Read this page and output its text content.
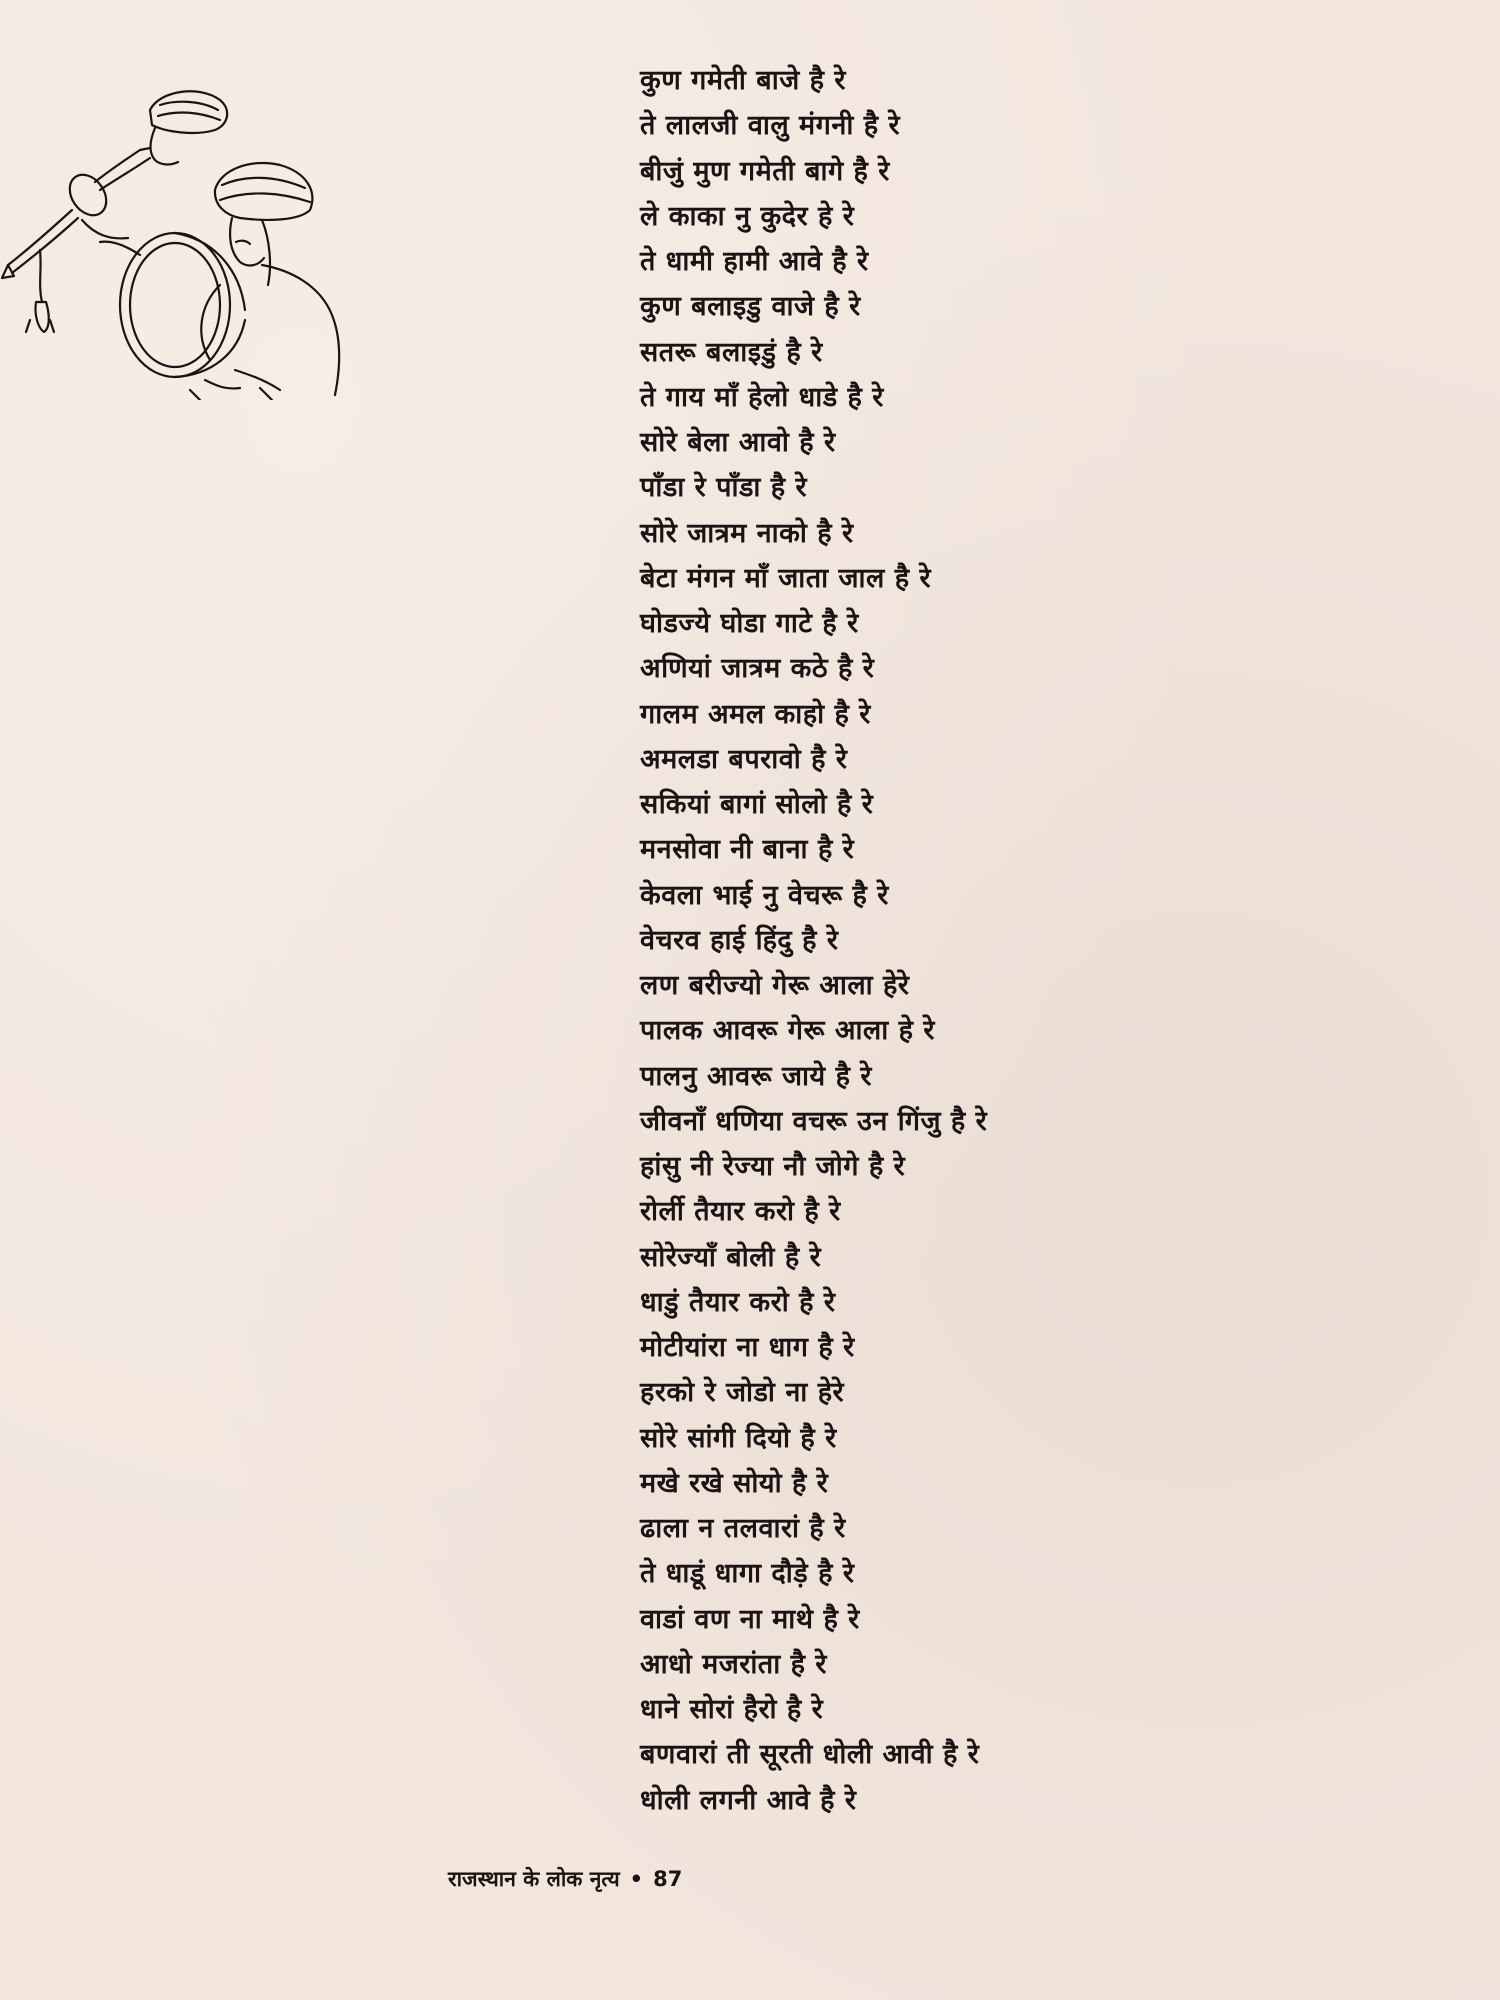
कुण गमेती बाजे है रे
ते लालजी वालु मंगनी है रे
बीजुं मुण गमेती बागे है रे
ले काका नु कुदेर हे रे
ते धामी हामी आवे है रे
कुण बलाइडु वाजे है रे
सतरू बलाइडुं है रे
ते गाय माँ हेलो धाडे है रे
सोरे बेला आवो है रे
पाँडा रे पाँडा है रे
सोरे जात्रम नाको है रे
बेटा मंगन माँ जाता जाल है रे
घोडज्ये घोडा गाटे है रे
अणियां जात्रम कठे है रे
गालम अमल काहो है रे
अमलडा बपरावो है रे
सकियां बागां सोलो है रे
मनसोवा नी बाना है रे
केवला भाई नु वेचरू है रे
वेचरव हाई हिंदु है रे
लण बरीज्यो गेरू आला हेरे
पालक आवरू गेरू आला हे रे
पालनु आवरू जाये है रे
जीवनाँ धणिया वचरू उन गिंजु है रे
हांसु नी रेज्या नौ जोगे है रे
रोर्ली तैयार करो है रे
सोरेज्याँ बोली है रे
धाडुं तैयार करो है रे
मोटीयांरा ना धाग है रे
हरको रे जोडो ना हेरे
सोरे सांगी दियो है रे
मखे रखे सोयो है रे
ढाला न तलवारां है रे
ते धाडूं धागा दौड़े है रे
वाडां वण ना माथे है रे
आधो मजरांता है रे
धाने सोरां हैरो है रे
बणवारां ती सूरती धोली आवी है रे
धोली लगनी आवे है रे
राजस्थान के लोक नृत्य • 87
